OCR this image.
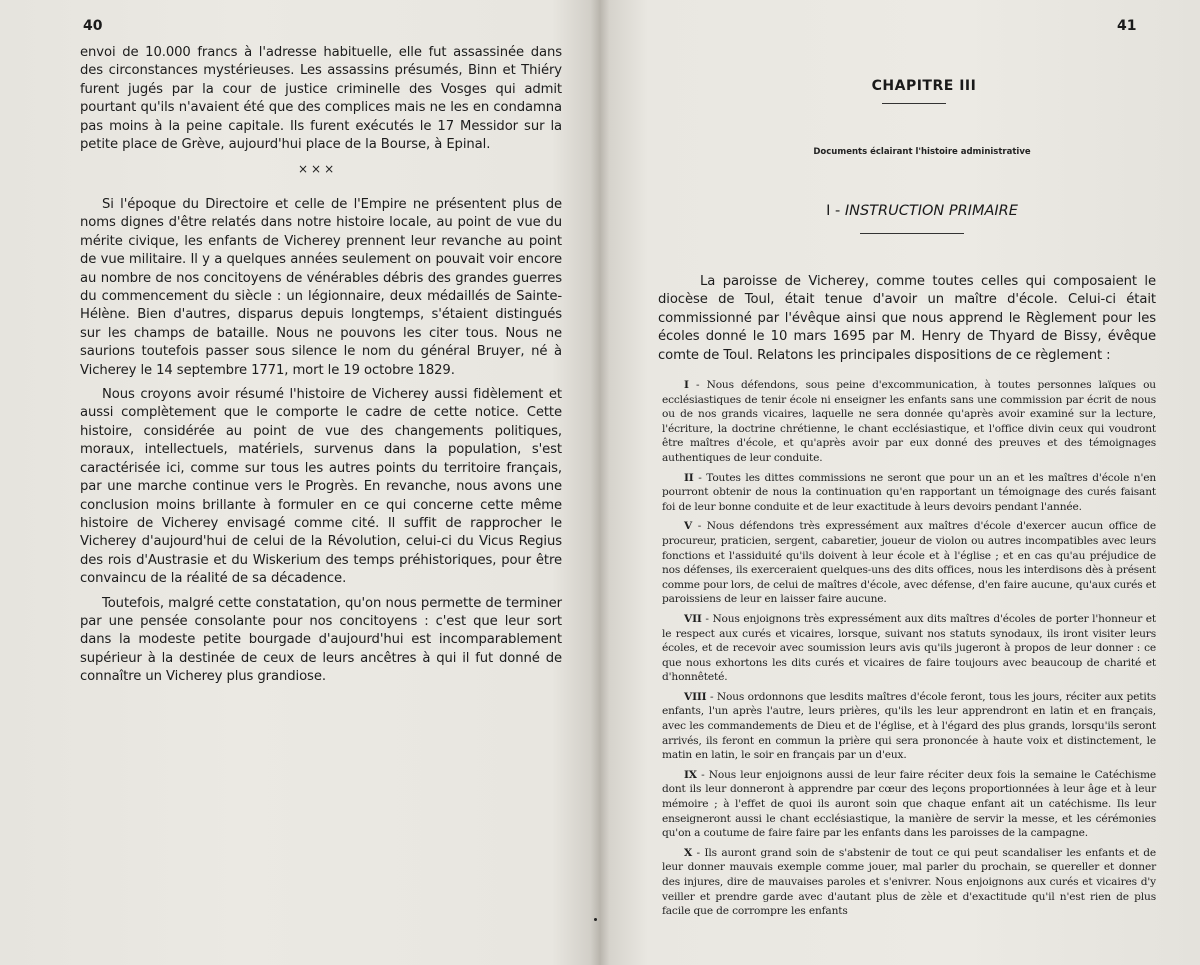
40

envoi de 10.000 francs à l'adresse habituelle, elle fut assassinée dans des circonstances mystérieuses. Les assassins présumés, Binn et Thiéry furent jugés par la cour de justice criminelle des Vosges qui admit pourtant qu'ils n'avaient été que des complices mais ne les en condamna pas moins à la peine capitale. Ils furent exécutés le 17 Messidor sur la petite place de Grève, aujourd'hui place de la Bourse, à Epinal.

×××

Si l'époque du Directoire et celle de l'Empire ne présentent plus de noms dignes d'être relatés dans notre histoire locale, au point de vue du mérite civique, les enfants de Vicherey prennent leur revanche au point de vue militaire. Il y a quelques années seulement on pouvait voir encore au nombre de nos concitoyens de vénérables débris des grandes guerres du commencement du siècle : un légionnaire, deux médaillés de Sainte-Hélène. Bien d'autres, disparus depuis longtemps, s'étaient distingués sur les champs de bataille. Nous ne pouvons les citer tous. Nous ne saurions toutefois passer sous silence le nom du général Bruyer, né à Vicherey le 14 septembre 1771, mort le 19 octobre 1829.

Nous croyons avoir résumé l'histoire de Vicherey aussi fidèlement et aussi complètement que le comporte le cadre de cette notice. Cette histoire, considérée au point de vue des changements politiques, moraux, intellectuels, matériels, survenus dans la population, s'est caractérisée ici, comme sur tous les autres points du territoire français, par une marche continue vers le Progrès. En revanche, nous avons une conclusion moins brillante à formuler en ce qui concerne cette même histoire de Vicherey envisagé comme cité. Il suffit de rapprocher le Vicherey d'aujourd'hui de celui de la Révolution, celui-ci du Vicus Regius des rois d'Austrasie et du Wiskerium des temps préhistoriques, pour être convaincu de la réalité de sa décadence.

Toutefois, malgré cette constatation, qu'on nous permette de terminer par une pensée consolante pour nos concitoyens : c'est que leur sort dans la modeste petite bourgade d'aujourd'hui est incomparablement supérieur à la destinée de ceux de leurs ancêtres à qui il fut donné de connaître un Vicherey plus grandiose.

41
CHAPITRE III
Documents éclairant l'histoire administrative
I - INSTRUCTION PRIMAIRE

La paroisse de Vicherey, comme toutes celles qui composaient le diocèse de Toul, était tenue d'avoir un maître d'école. Celui-ci était commissionné par l'évêque ainsi que nous apprend le Règlement pour les écoles donné le 10 mars 1695 par M. Henry de Thyard de Bissy, évêque comte de Toul. Relatons les principales dispositions de ce règlement :

I - Nous défendons, sous peine d'excommunication, à toutes personnes laïques ou ecclésiastiques de tenir école ni enseigner les enfants sans une commission par écrit de nous ou de nos grands vicaires, laquelle ne sera donnée qu'après avoir examiné sur la lecture, l'écriture, la doctrine chrétienne, le chant ecclésiastique, et l'office divin ceux qui voudront être maîtres d'école, et qu'après avoir par eux donné des preuves et des témoignages authentiques de leur conduite.

II - Toutes les dittes commissions ne seront que pour un an et les maîtres d'école n'en pourront obtenir de nous la continuation qu'en rapportant un témoignage des curés faisant foi de leur bonne conduite et de leur exactitude à leurs devoirs pendant l'année.

V - Nous défendons très expressément aux maîtres d'école d'exercer aucun office de procureur, praticien, sergent, cabaretier, joueur de violon ou autres incompatibles avec leurs fonctions et l'assiduité qu'ils doivent à leur école et à l'église ; et en cas qu'au préjudice de nos défenses, ils exerceraient quelques-uns des dits offices, nous les interdisons dès à présent comme pour lors, de celui de maîtres d'école, avec défense, d'en faire aucune, qu'aux curés et paroissiens de leur en laisser faire aucune.

VII - Nous enjoignons très expressément aux dits maîtres d'écoles de porter l'honneur et le respect aux curés et vicaires, lorsque, suivant nos statuts synodaux, ils iront visiter leurs écoles, et de recevoir avec soumission leurs avis qu'ils jugeront à propos de leur donner : ce que nous exhortons les dits curés et vicaires de faire toujours avec beaucoup de charité et d'honnêteté.

VIII - Nous ordonnons que lesdits maîtres d'école feront, tous les jours, réciter aux petits enfants, l'un après l'autre, leurs prières, qu'ils les leur apprendront en latin et en français, avec les commandements de Dieu et de l'église, et à l'égard des plus grands, lorsqu'ils seront arrivés, ils feront en commun la prière qui sera prononcée à haute voix et distinctement, le matin en latin, le soir en français par un d'eux.

IX - Nous leur enjoignons aussi de leur faire réciter deux fois la semaine le Catéchisme dont ils leur donneront à apprendre par cœur des leçons proportionnées à leur âge et à leur mémoire ; à l'effet de quoi ils auront soin que chaque enfant ait un catéchisme. Ils leur enseigneront aussi le chant ecclésiastique, la manière de servir la messe, et les cérémonies qu'on a coutume de faire faire par les enfants dans les paroisses de la campagne.

X - Ils auront grand soin de s'abstenir de tout ce qui peut scandaliser les enfants et de leur donner mauvais exemple comme jouer, mal parler du prochain, se quereller et donner des injures, dire de mauvaises paroles et s'enivrer. Nous enjoignons aux curés et vicaires d'y veiller et prendre garde avec d'autant plus de zèle et d'exactitude qu'il n'est rien de plus facile que de corrompre les enfants
